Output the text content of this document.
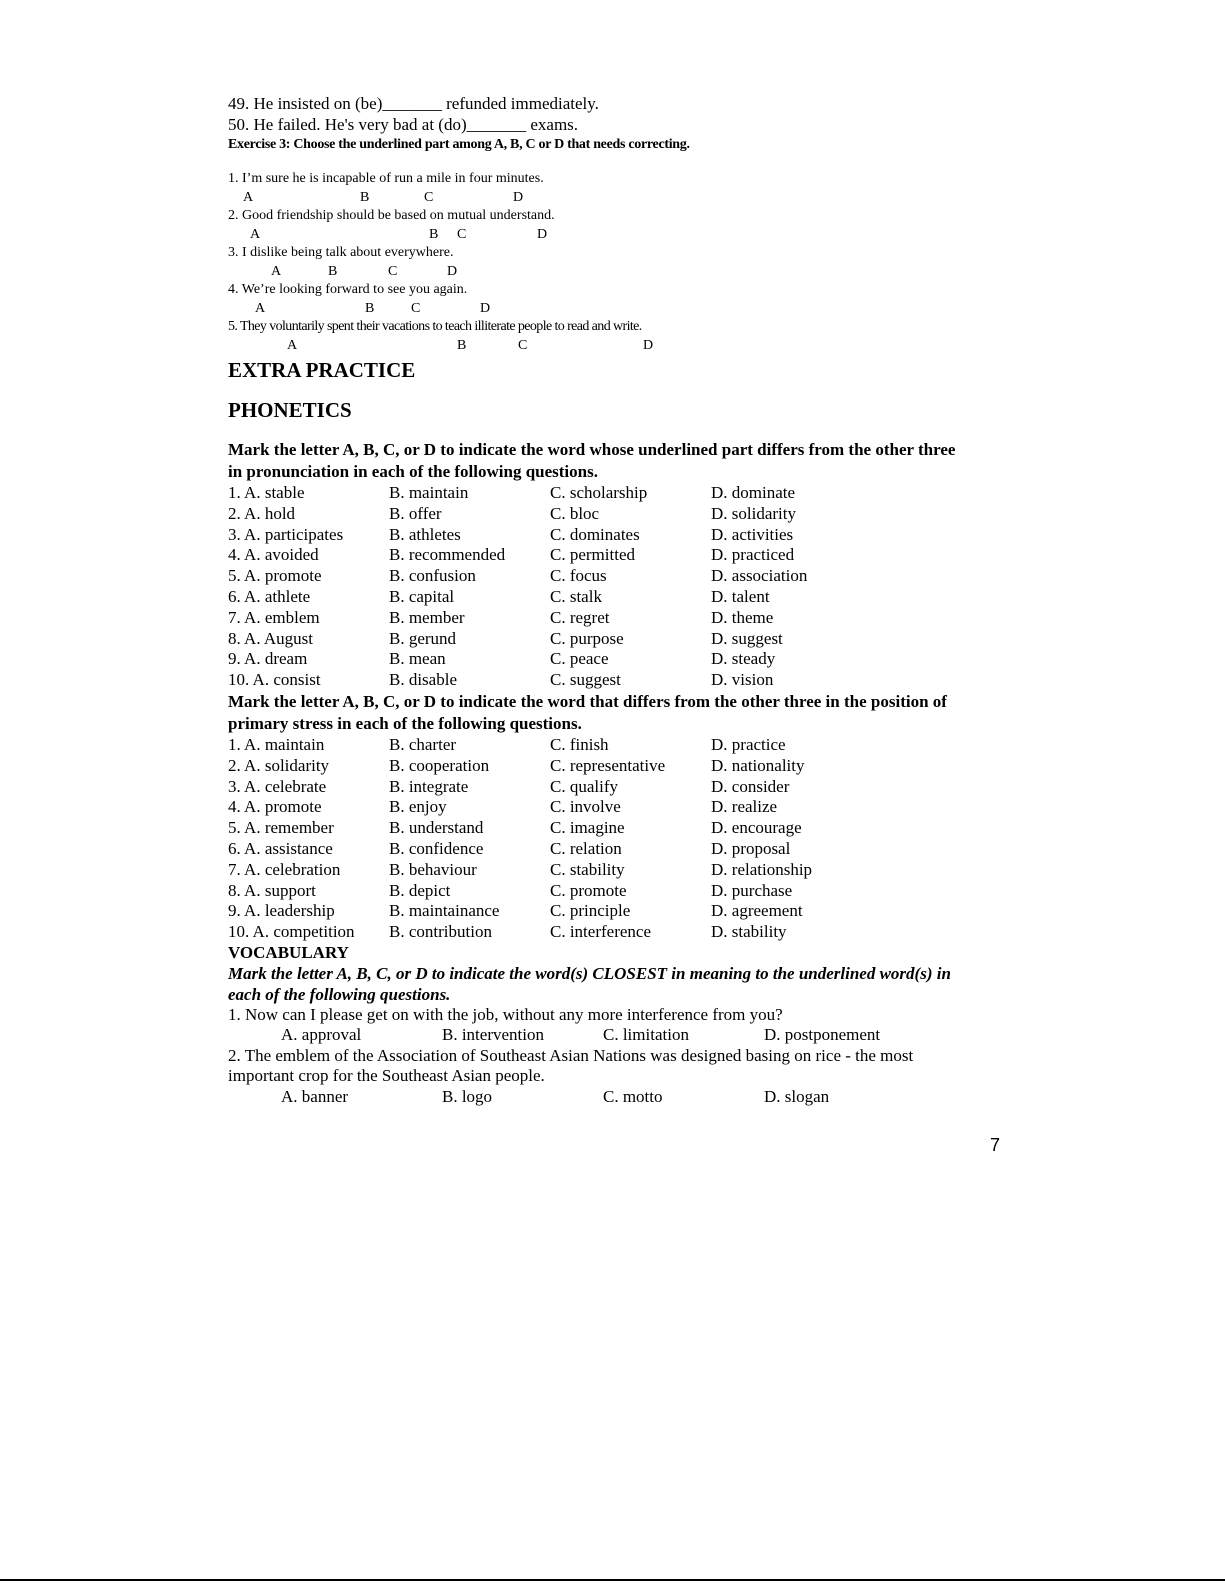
49. He insisted on (be)_______ refunded immediately.
50. He failed. He's very bad at (do)_______ exams.
Exercise 3: Choose the underlined part among A, B, C or D that needs correcting.
1. I’m sure he is incapable of run a mile in four minutes.
A	B	C	D
2. Good friendship should be based on mutual understand.
A	B C	D
3. I dislike being talk about everywhere.
A	B	C	D
4. We’re looking forward to see you again.
A	B	C	D
5. They voluntarily spent their vacations to teach illiterate people to read and write.
A	B	C	D
EXTRA PRACTICE
PHONETICS
Mark the letter A, B, C, or D to indicate the word whose underlined part differs from the other three
in pronunciation in each of the following questions.
1. A. stable	B. maintain	C. scholarship	D. dominate
2. A. hold	B. offer	C. bloc	D. solidarity
3. A. participates	B. athletes	C. dominates	D. activities
4. A. avoided	B. recommended	C. permitted	D. practiced
5. A. promote	B. confusion	C. focus	D. association
6. A. athlete	B. capital	C. stalk	D. talent
7. A. emblem	B. member	C. regret	D. theme
8. A. August	B. gerund	C. purpose	D. suggest
9. A. dream	B. mean	C. peace	D. steady
10. A. consist	B. disable	C. suggest	D. vision
Mark the letter A, B, C, or D to indicate the word that differs from the other three in the position of
primary stress in each of the following questions.
1. A. maintain	B. charter	C. finish	D. practice
2. A. solidarity	B. cooperation	C. representative	D. nationality
3. A. celebrate	B. integrate	C. qualify	D. consider
4. A. promote	B. enjoy	C. involve	D. realize
5. A. remember	B. understand	C. imagine	D. encourage
6. A. assistance	B. confidence	C. relation	D. proposal
7. A. celebration	B. behaviour	C. stability	D. relationship
8. A. support	B. depict	C. promote	D. purchase
9. A. leadership	B. maintainance	C. principle	D. agreement
10. A. competition	B. contribution	C. interference	D. stability
VOCABULARY
Mark the letter A, B, C, or D to indicate the word(s) CLOSEST in meaning to the underlined word(s) in
each of the following questions.
1. Now can I please get on with the job, without any more interference from you?
A. approval	B. intervention	C. limitation	D. postponement
2. The emblem of the Association of Southeast Asian Nations was designed basing on rice - the most
important crop for the Southeast Asian people.
A. banner	B. logo	C. motto	D. slogan
7
